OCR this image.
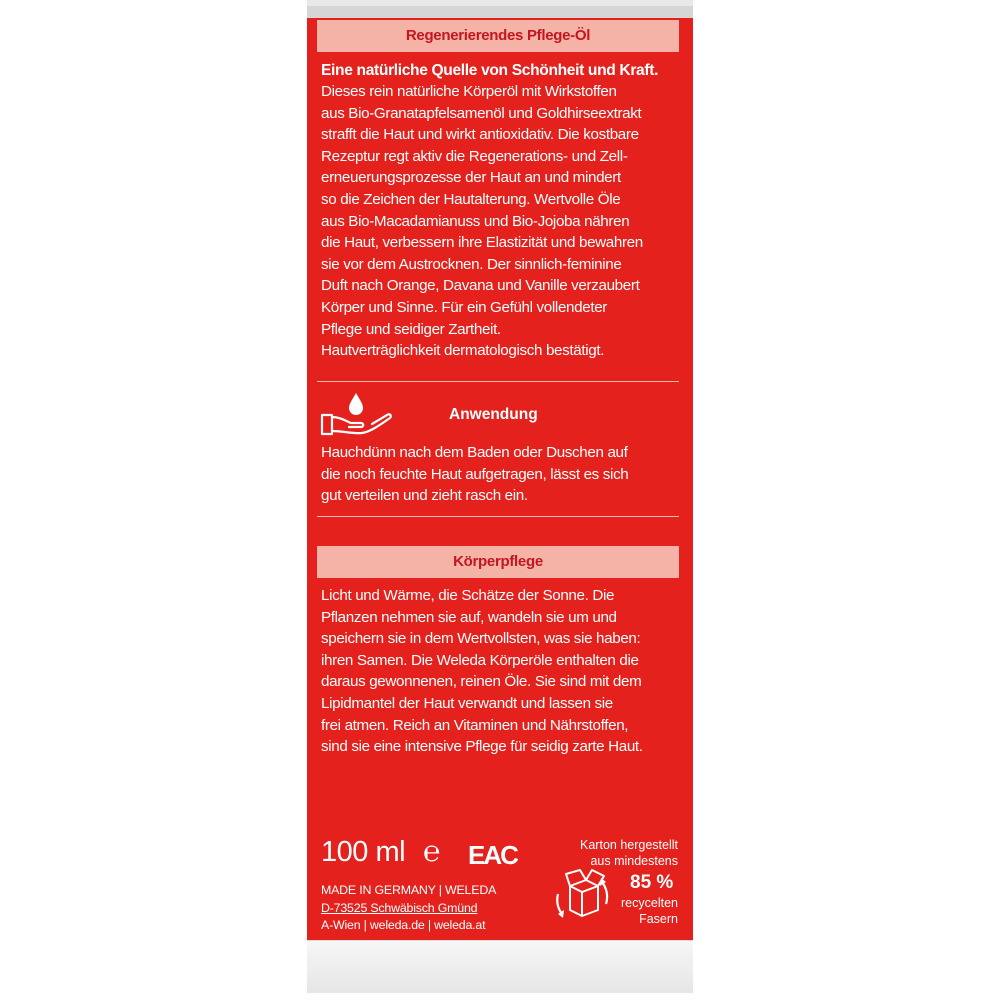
Regenerierendes Pflege-Öl
Eine natürliche Quelle von Schönheit und Kraft.
Dieses rein natürliche Körperöl mit Wirkstoffen
aus Bio-Granatapfelsamenöl und Goldhirseextrakt
strafft die Haut und wirkt antioxidativ. Die kostbare
Rezeptur regt aktiv die Regenerations- und Zell-
erneuerungsprozesse der Haut an und mindert
so die Zeichen der Hautalterung. Wertvolle Öle
aus Bio-Macadamianuss und Bio-Jojoba nähren
die Haut, verbessern ihre Elastizität und bewahren
sie vor dem Austrocknen. Der sinnlich-feminine
Duft nach Orange, Davana und Vanille verzaubert
Körper und Sinne. Für ein Gefühl vollendeter
Pflege und seidiger Zartheit.
Hautverträglichkeit dermatologisch bestätigt.
Anwendung
Hauchdünn nach dem Baden oder Duschen auf
die noch feuchte Haut aufgetragen, lässt es sich
gut verteilen und zieht rasch ein.
Körperpflege
Licht und Wärme, die Schätze der Sonne. Die
Pflanzen nehmen sie auf, wandeln sie um und
speichern sie in dem Wertvollsten, was sie haben:
ihren Samen. Die Weleda Körperöle enthalten die
daraus gewonnenen, reinen Öle. Sie sind mit dem
Lipidmantel der Haut verwandt und lassen sie
frei atmen. Reich an Vitaminen und Nährstoffen,
sind sie eine intensive Pflege für seidig zarte Haut.
100 ml ℮ EAC
MADE IN GERMANY | WELEDA
D-73525 Schwäbisch Gmünd
A-Wien | weleda.de | weleda.at
Karton hergestellt
aus mindestens
85 %
recycelten
Fasern
